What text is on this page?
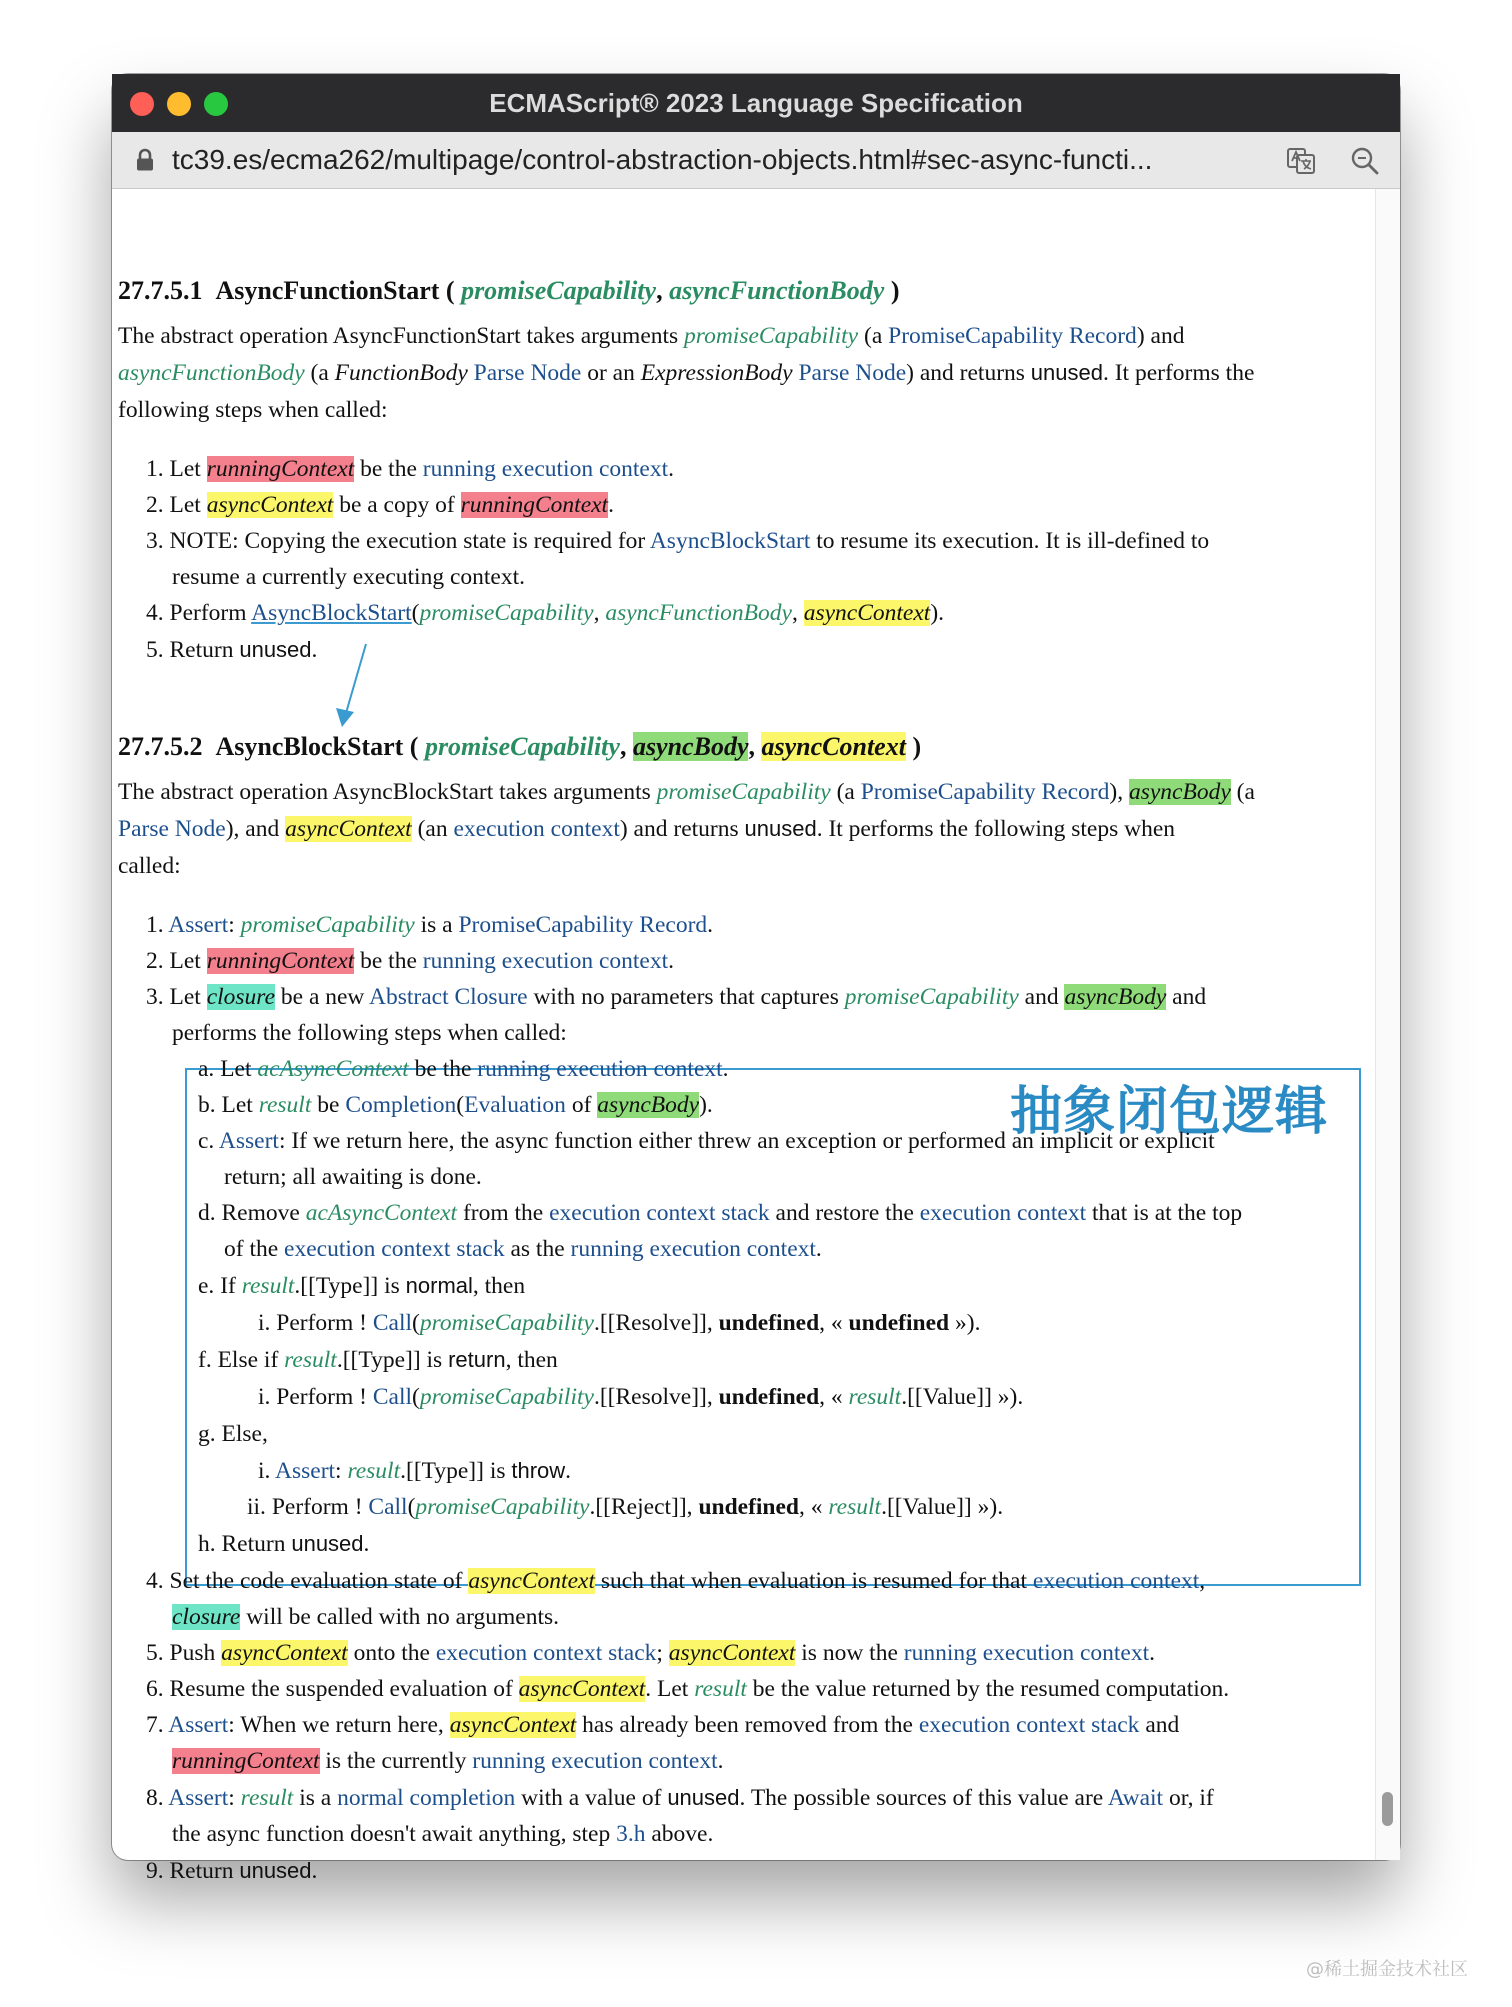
ECMAScript® 2023 Language Specification
tc39.es/ecma262/multipage/control-abstraction-objects.html#sec-async-functi...
27.7.5.1 AsyncFunctionStart ( promiseCapability, asyncFunctionBody )
The abstract operation AsyncFunctionStart takes arguments promiseCapability (a PromiseCapability Record) and
asyncFunctionBody (a FunctionBody Parse Node or an ExpressionBody Parse Node) and returns unused. It performs the
following steps when called:
1. Let runningContext be the running execution context.
2. Let asyncContext be a copy of runningContext.
3. NOTE: Copying the execution state is required for AsyncBlockStart to resume its execution. It is ill-defined to
resume a currently executing context.
4. Perform AsyncBlockStart(promiseCapability, asyncFunctionBody, asyncContext).
5. Return unused.
27.7.5.2 AsyncBlockStart ( promiseCapability, asyncBody, asyncContext )
The abstract operation AsyncBlockStart takes arguments promiseCapability (a PromiseCapability Record), asyncBody (a
Parse Node), and asyncContext (an execution context) and returns unused. It performs the following steps when
called:
1. Assert: promiseCapability is a PromiseCapability Record.
2. Let runningContext be the running execution context.
3. Let closure be a new Abstract Closure with no parameters that captures promiseCapability and asyncBody and
performs the following steps when called:
抽象闭包逻辑
a. Let acAsyncContext be the running execution context.
b. Let result be Completion(Evaluation of asyncBody).
c. Assert: If we return here, the async function either threw an exception or performed an implicit or explicit
return; all awaiting is done.
d. Remove acAsyncContext from the execution context stack and restore the execution context that is at the top
of the execution context stack as the running execution context.
e. If result.[[Type]] is normal, then
i. Perform ! Call(promiseCapability.[[Resolve]], undefined, « undefined »).
f. Else if result.[[Type]] is return, then
i. Perform ! Call(promiseCapability.[[Resolve]], undefined, « result.[[Value]] »).
g. Else,
i. Assert: result.[[Type]] is throw.
ii. Perform ! Call(promiseCapability.[[Reject]], undefined, « result.[[Value]] »).
h. Return unused.
4. Set the code evaluation state of asyncContext such that when evaluation is resumed for that execution context,
closure will be called with no arguments.
5. Push asyncContext onto the execution context stack; asyncContext is now the running execution context.
6. Resume the suspended evaluation of asyncContext. Let result be the value returned by the resumed computation.
7. Assert: When we return here, asyncContext has already been removed from the execution context stack and
runningContext is the currently running execution context.
8. Assert: result is a normal completion with a value of unused. The possible sources of this value are Await or, if
the async function doesn't await anything, step 3.h above.
9. Return unused.
@稀土掘金技术社区
